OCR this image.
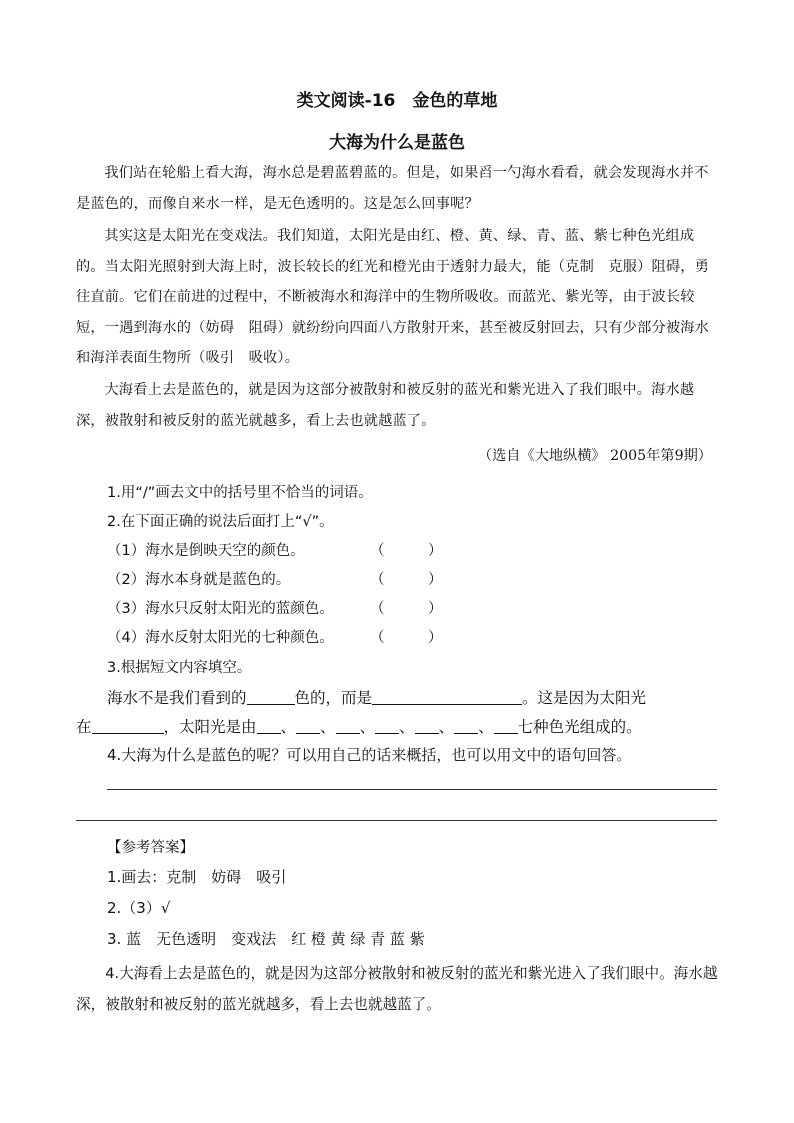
类文阅读-16　金色的草地
大海为什么是蓝色

我们站在轮船上看大海，海水总是碧蓝碧蓝的。但是，如果舀一勺海水看看，就会发现海水并不是蓝色的，而像自来水一样，是无色透明的。这是怎么回事呢？

其实这是太阳光在变戏法。我们知道，太阳光是由红、橙、黄、绿、青、蓝、紫七种色光组成的。当太阳光照射到大海上时，波长较长的红光和橙光由于透射力最大，能（克制　克服）阻碍，勇往直前。它们在前进的过程中，不断被海水和海洋中的生物所吸收。而蓝光、紫光等，由于波长较短，一遇到海水的（妨碍　阻碍）就纷纷向四面八方散射开来，甚至被反射回去，只有少部分被海水和海洋表面生物所（吸引　吸收）。

大海看上去是蓝色的，就是因为这部分被散射和被反射的蓝光和紫光进入了我们眼中。海水越深，被散射和被反射的蓝光就越多，看上去也就越蓝了。

（选自《大地纵横》 2005年第9期）
1.用“/”画去文中的括号里不恰当的词语。
2.在下面正确的说法后面打上“√”。
（1）海水是倒映天空的颜色。	（　　　）
（2）海水本身就是蓝色的。	（　　　）
（3）海水只反射太阳光的蓝颜色。	（　　　）
（4）海水反射太阳光的七种颜色。	（　　　）
3.根据短文内容填空。
海水不是我们看到的	色的，而是	。这是因为太阳光
在	，太阳光是由 、 、 、 、 、 、 七种色光组成的。
4.大海为什么是蓝色的呢？可以用自己的话来概括，也可以用文中的语句回答。
【参考答案】
1.画去：克制　妨碍　吸引
2.（3）√
3. 蓝　无色透明　变戏法　红 橙 黄 绿 青 蓝 紫

4.大海看上去是蓝色的，就是因为这部分被散射和被反射的蓝光和紫光进入了我们眼中。海水越深，被散射和被反射的蓝光就越多，看上去也就越蓝了。
